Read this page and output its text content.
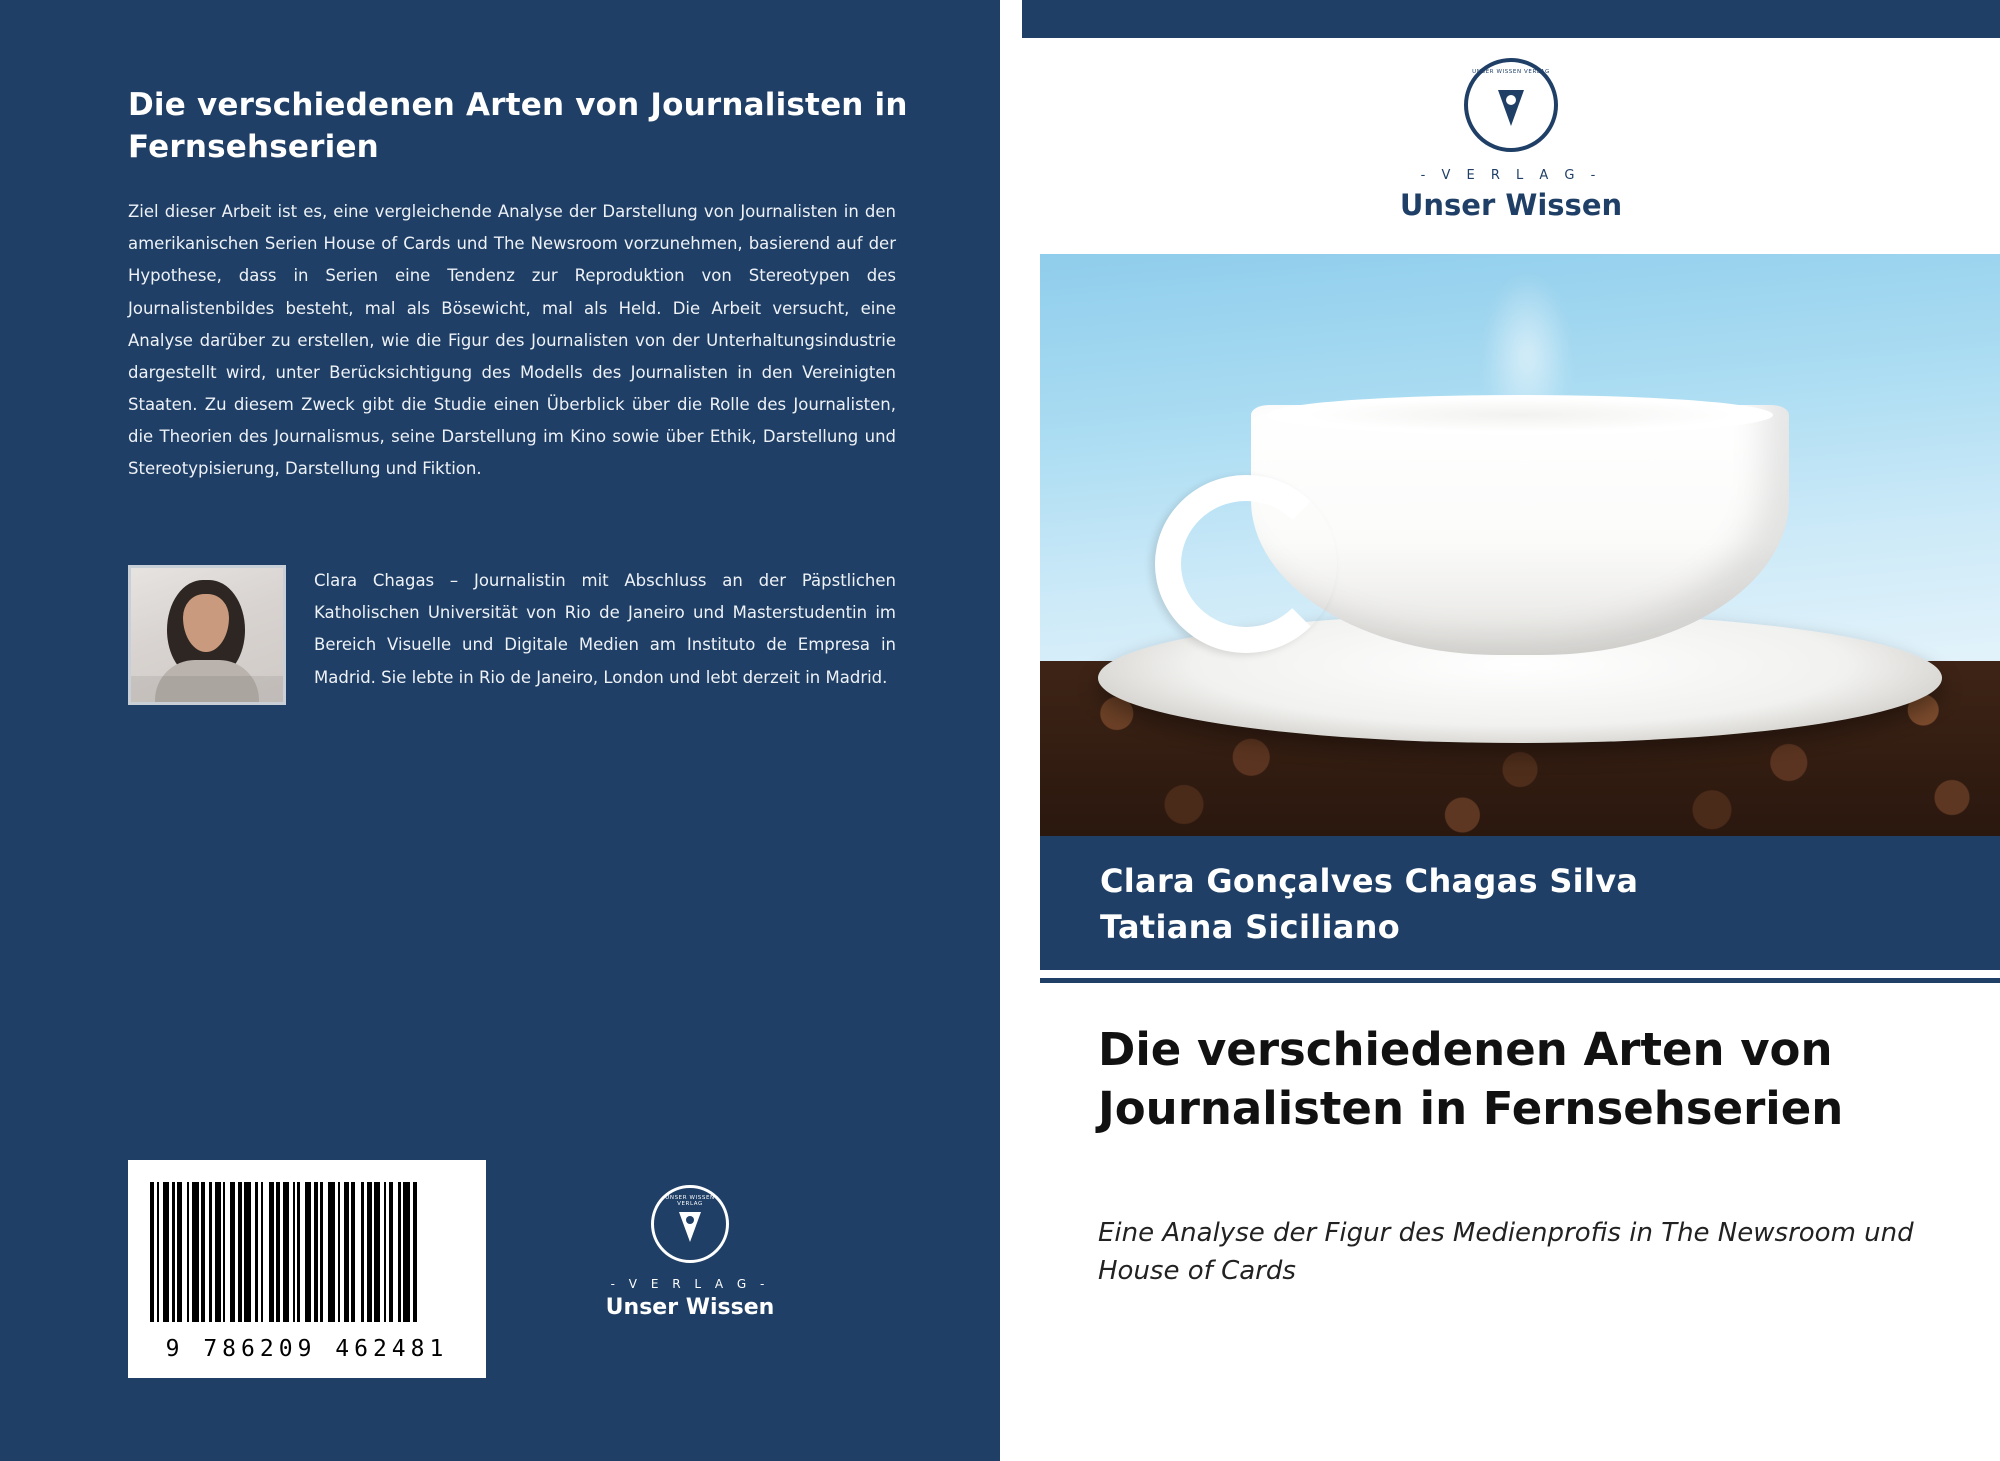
Die verschiedenen Arten von Journalisten in Fernsehserien
Ziel dieser Arbeit ist es, eine vergleichende Analyse der Darstellung von Journalisten in den amerikanischen Serien House of Cards und The Newsroom vorzunehmen, basierend auf der Hypothese, dass in Serien eine Tendenz zur Reproduktion von Stereotypen des Journalistenbildes besteht, mal als Bösewicht, mal als Held. Die Arbeit versucht, eine Analyse darüber zu erstellen, wie die Figur des Journalisten von der Unterhaltungsindustrie dargestellt wird, unter Berücksichtigung des Modells des Journalisten in den Vereinigten Staaten. Zu diesem Zweck gibt die Studie einen Überblick über die Rolle des Journalisten, die Theorien des Journalismus, seine Darstellung im Kino sowie über Ethik, Darstellung und Stereotypisierung, Darstellung und Fiktion.
Clara Chagas – Journalistin mit Abschluss an der Päpstlichen Katholischen Universität von Rio de Janeiro und Masterstudentin im Bereich Visuelle und Digitale Medien am Instituto de Empresa in Madrid. Sie lebte in Rio de Janeiro, London und lebt derzeit in Madrid.
9 786209 462481
UNSER WISSEN VERLAG
- V E R L A G -
Unser Wissen
UNSER WISSEN VERLAG
- V E R L A G -
Unser Wissen
Clara Gonçalves Chagas Silva
Tatiana Siciliano
Die verschiedenen Arten von Journalisten in Fernsehserien
Eine Analyse der Figur des Medienprofis in The Newsroom und House of Cards
